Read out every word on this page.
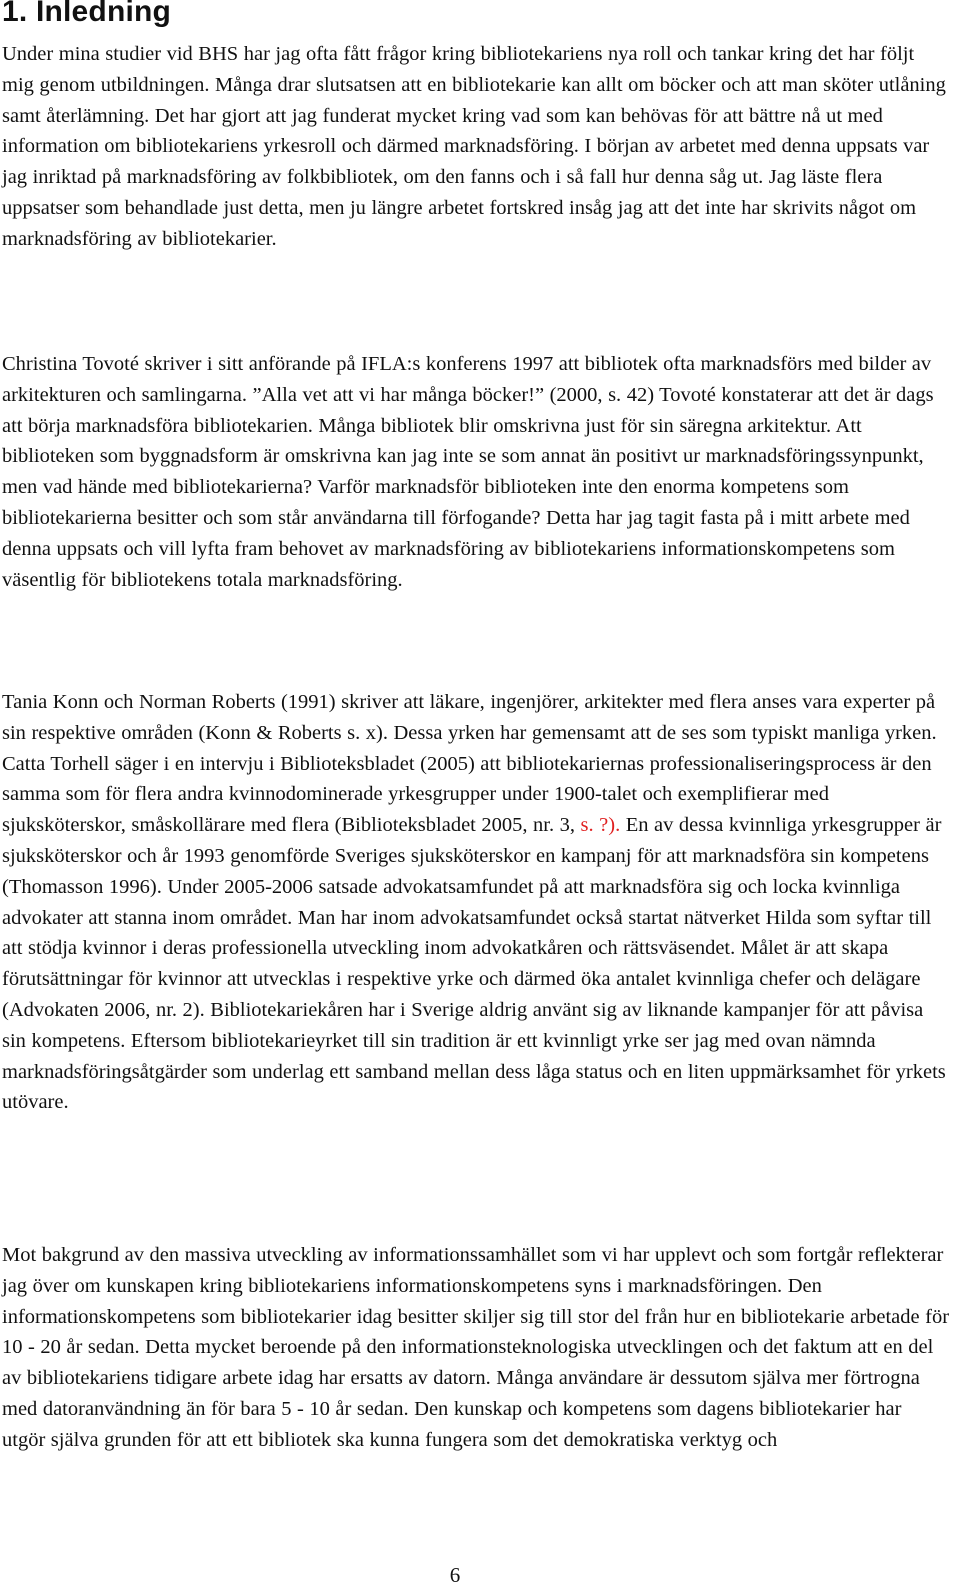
1. Inledning

Under mina studier vid BHS har jag ofta fått frågor kring bibliotekariens nya roll och tankar kring det har följt mig genom utbildningen. Många drar slutsatsen att en bibliotekarie kan allt om böcker och att man sköter utlåning samt återlämning. Det har gjort att jag funderat mycket kring vad som kan behövas för att bättre nå ut med information om bibliotekariens yrkesroll och därmed marknadsföring. I början av arbetet med denna uppsats var jag inriktad på marknadsföring av folkbibliotek, om den fanns och i så fall hur denna såg ut. Jag läste flera uppsatser som behandlade just detta, men ju längre arbetet fortskred insåg jag att det inte har skrivits något om marknadsföring av bibliotekarier.

Christina Tovoté skriver i sitt anförande på IFLA:s konferens 1997 att bibliotek ofta marknadsförs med bilder av arkitekturen och samlingarna. ”Alla vet att vi har många böcker!” (2000, s. 42) Tovoté konstaterar att det är dags att börja marknadsföra bibliotekarien. Många bibliotek blir omskrivna just för sin säregna arkitektur. Att biblioteken som byggnadsform är omskrivna kan jag inte se som annat än positivt ur marknadsföringssynpunkt, men vad hände med bibliotekarierna? Varför marknadsför biblioteken inte den enorma kompetens som bibliotekarierna besitter och som står användarna till förfogande? Detta har jag tagit fasta på i mitt arbete med denna uppsats och vill lyfta fram behovet av marknadsföring av bibliotekariens informationskompetens som väsentlig för bibliotekens totala marknadsföring.

Tania Konn och Norman Roberts (1991) skriver att läkare, ingenjörer, arkitekter med flera anses vara experter på sin respektive områden (Konn & Roberts s. x). Dessa yrken har gemensamt att de ses som typiskt manliga yrken. Catta Torhell säger i en intervju i Biblioteksbladet (2005) att bibliotekariernas professionaliseringsprocess är den samma som för flera andra kvinnodominerade yrkesgrupper under 1900-talet och exemplifierar med sjuksköterskor, småskollärare med flera (Biblioteksbladet 2005, nr. 3, s. ?). En av dessa kvinnliga yrkesgrupper är sjuksköterskor och år 1993 genomförde Sveriges sjuksköterskor en kampanj för att marknadsföra sin kompetens (Thomasson 1996). Under 2005-2006 satsade advokatsamfundet på att marknadsföra sig och locka kvinnliga advokater att stanna inom området. Man har inom advokatsamfundet också startat nätverket Hilda som syftar till att stödja kvinnor i deras professionella utveckling inom advokatkåren och rättsväsendet. Målet är att skapa förutsättningar för kvinnor att utvecklas i respektive yrke och därmed öka antalet kvinnliga chefer och delägare (Advokaten 2006, nr. 2). Bibliotekariekåren har i Sverige aldrig använt sig av liknande kampanjer för att påvisa sin kompetens. Eftersom bibliotekarieyrket till sin tradition är ett kvinnligt yrke ser jag med ovan nämnda marknadsföringsåtgärder som underlag ett samband mellan dess låga status och en liten uppmärksamhet för yrkets utövare.

Mot bakgrund av den massiva utveckling av informationssamhället som vi har upplevt och som fortgår reflekterar jag över om kunskapen kring bibliotekariens informationskompetens syns i marknadsföringen. Den informationskompetens som bibliotekarier idag besitter skiljer sig till stor del från hur en bibliotekarie arbetade för 10 - 20 år sedan. Detta mycket beroende på den informationsteknologiska utvecklingen och det faktum att en del av bibliotekariens tidigare arbete idag har ersatts av datorn. Många användare är dessutom själva mer förtrogna med datoranvändning än för bara 5 - 10 år sedan. Den kunskap och kompetens som dagens bibliotekarier har utgör själva grunden för att ett bibliotek ska kunna fungera som det demokratiska verktyg och

6
